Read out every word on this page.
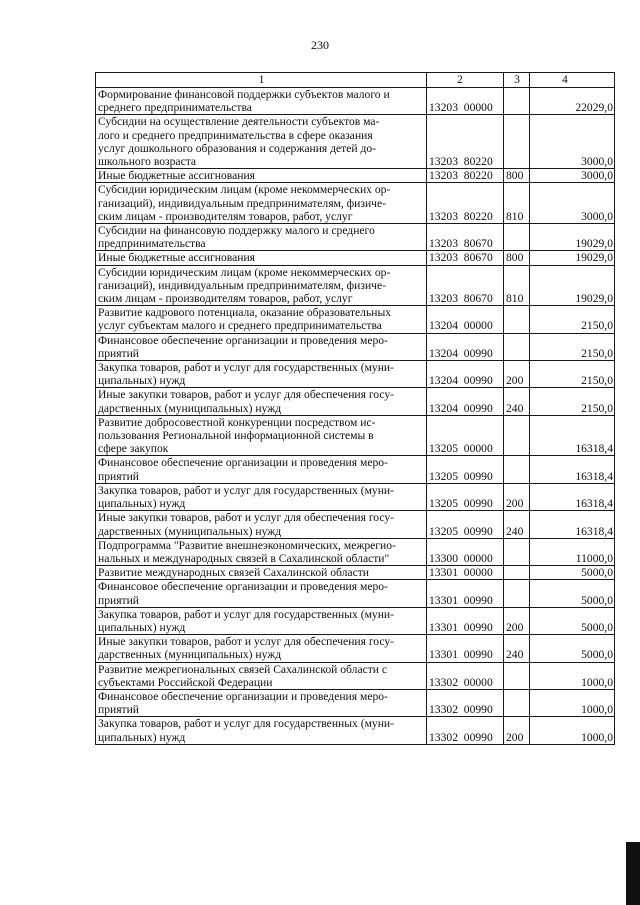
230
1	2	3	4
Формирование финансовой поддержки субъектов малого и
среднего предпринимательства	13203  00000		22029,0
Субсидии на осуществление деятельности субъектов ма-
лого и среднего предпринимательства в сфере оказания
услуг дошкольного образования и содержания детей до-
школьного возраста	13203  80220		3000,0
Иные бюджетные ассигнования	13203  80220	800	3000,0
Субсидии юридическим лицам (кроме некоммерческих ор-
ганизаций), индивидуальным предпринимателям, физиче-
ским лицам - производителям товаров, работ, услуг	13203  80220	810	3000,0
Субсидии на финансовую поддержку малого и среднего
предпринимательства	13203  80670		19029,0
Иные бюджетные ассигнования	13203  80670	800	19029,0
Субсидии юридическим лицам (кроме некоммерческих ор-
ганизаций), индивидуальным предпринимателям, физиче-
ским лицам - производителям товаров, работ, услуг	13203  80670	810	19029,0
Развитие кадрового потенциала, оказание образовательных
услуг субъектам малого и среднего предпринимательства	13204  00000		2150,0
Финансовое обеспечение организации и проведения меро-
приятий	13204  00990		2150,0
Закупка товаров, работ и услуг для государственных (муни-
ципальных) нужд	13204  00990	200	2150,0
Иные закупки товаров, работ и услуг для обеспечения госу-
дарственных (муниципальных) нужд	13204  00990	240	2150,0
Развитие добросовестной конкуренции посредством ис-
пользования Региональной информационной системы в
сфере закупок	13205  00000		16318,4
Финансовое обеспечение организации и проведения меро-
приятий	13205  00990		16318,4
Закупка товаров, работ и услуг для государственных (муни-
ципальных) нужд	13205  00990	200	16318,4
Иные закупки товаров, работ и услуг для обеспечения госу-
дарственных (муниципальных) нужд	13205  00990	240	16318,4
Подпрограмма "Развитие внешнеэкономических, межрегио-
нальных и международных связей в Сахалинской области"	13300  00000		11000,0
Развитие международных связей Сахалинской области	13301  00000		5000,0
Финансовое обеспечение организации и проведения меро-
приятий	13301  00990		5000,0
Закупка товаров, работ и услуг для государственных (муни-
ципальных) нужд	13301  00990	200	5000,0
Иные закупки товаров, работ и услуг для обеспечения госу-
дарственных (муниципальных) нужд	13301  00990	240	5000,0
Развитие межрегиональных связей Сахалинской области с
субъектами Российской Федерации	13302  00000		1000,0
Финансовое обеспечение организации и проведения меро-
приятий	13302  00990		1000,0
Закупка товаров, работ и услуг для государственных (муни-
ципальных) нужд	13302  00990	200	1000,0
